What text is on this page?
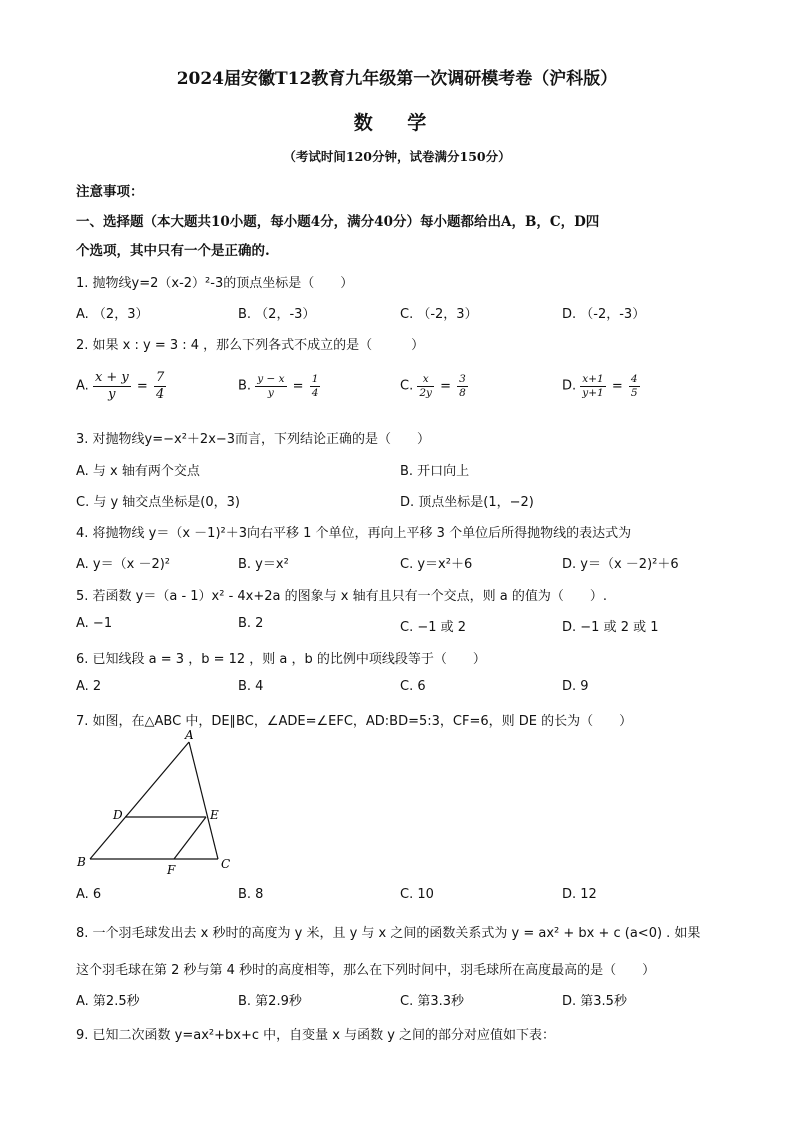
2024届安徽T12教育九年级第一次调研模考卷（沪科版）
数 学
（考试时间120分钟，试卷满分150分）
注意事项：
一、选择题（本大题共10小题，每小题4分，满分40分）每小题都给出A，B，C，D四
个选项，其中只有一个是正确的.
1. 抛物线y=2（x-2）²-3的顶点坐标是（　　）
A. （2，3）	B. （2，-3）	C. （-2，3）	D. （-2，-3）
2. 如果 x : y = 3 : 4 ，那么下列各式不成立的是（　　　）
A. $\frac{x + y}{y} = \frac{7}{4}$	B. $\frac{y - x}{y} = \frac{1}{4}$	C. $\frac{x}{2y} = \frac{3}{8}$	D. $\frac{x+1}{y+1} = \frac{4}{5}$
3. 对抛物线y=−x²＋2x−3而言，下列结论正确的是（　　）
A. 与 x 轴有两个交点	B. 开口向上
C. 与 y 轴交点坐标是(0，3)	D. 顶点坐标是(1，−2)
4. 将抛物线 y＝（x －1)²＋3向右平移 1 个单位，再向上平移 3 个单位后所得抛物线的表达式为
A. y＝（x －2)²	B. y＝x²	C. y＝x²＋6	D. y＝（x －2)²＋6
5. 若函数 y＝（a - 1）x² - 4x+2a 的图象与 x 轴有且只有一个交点，则 a 的值为（　　）.
A. −1	B. 2	C. −1 或 2	D. −1 或 2 或 1
6. 已知线段 a = 3 ，b = 12 ，则 a ，b 的比例中项线段等于（　　）
A. 2	B. 4	C. 6	D. 9
7. 如图，在△ABC 中，DE∥BC，∠ADE=∠EFC，AD:BD=5:3，CF=6，则 DE 的长为（　　）
A
B	C
D	E
F
A. 6	B. 8	C. 10	D. 12
8. 一个羽毛球发出去 x 秒时的高度为 y 米，且 y 与 x 之间的函数关系式为 y = ax² + bx + c (a<0) . 如果
这个羽毛球在第 2 秒与第 4 秒时的高度相等，那么在下列时间中，羽毛球所在高度最高的是（　　）
A. 第2.5秒	B. 第2.9秒	C. 第3.3秒	D. 第3.5秒
9. 已知二次函数 y=ax²+bx+c 中，自变量 x 与函数 y 之间的部分对应值如下表：
